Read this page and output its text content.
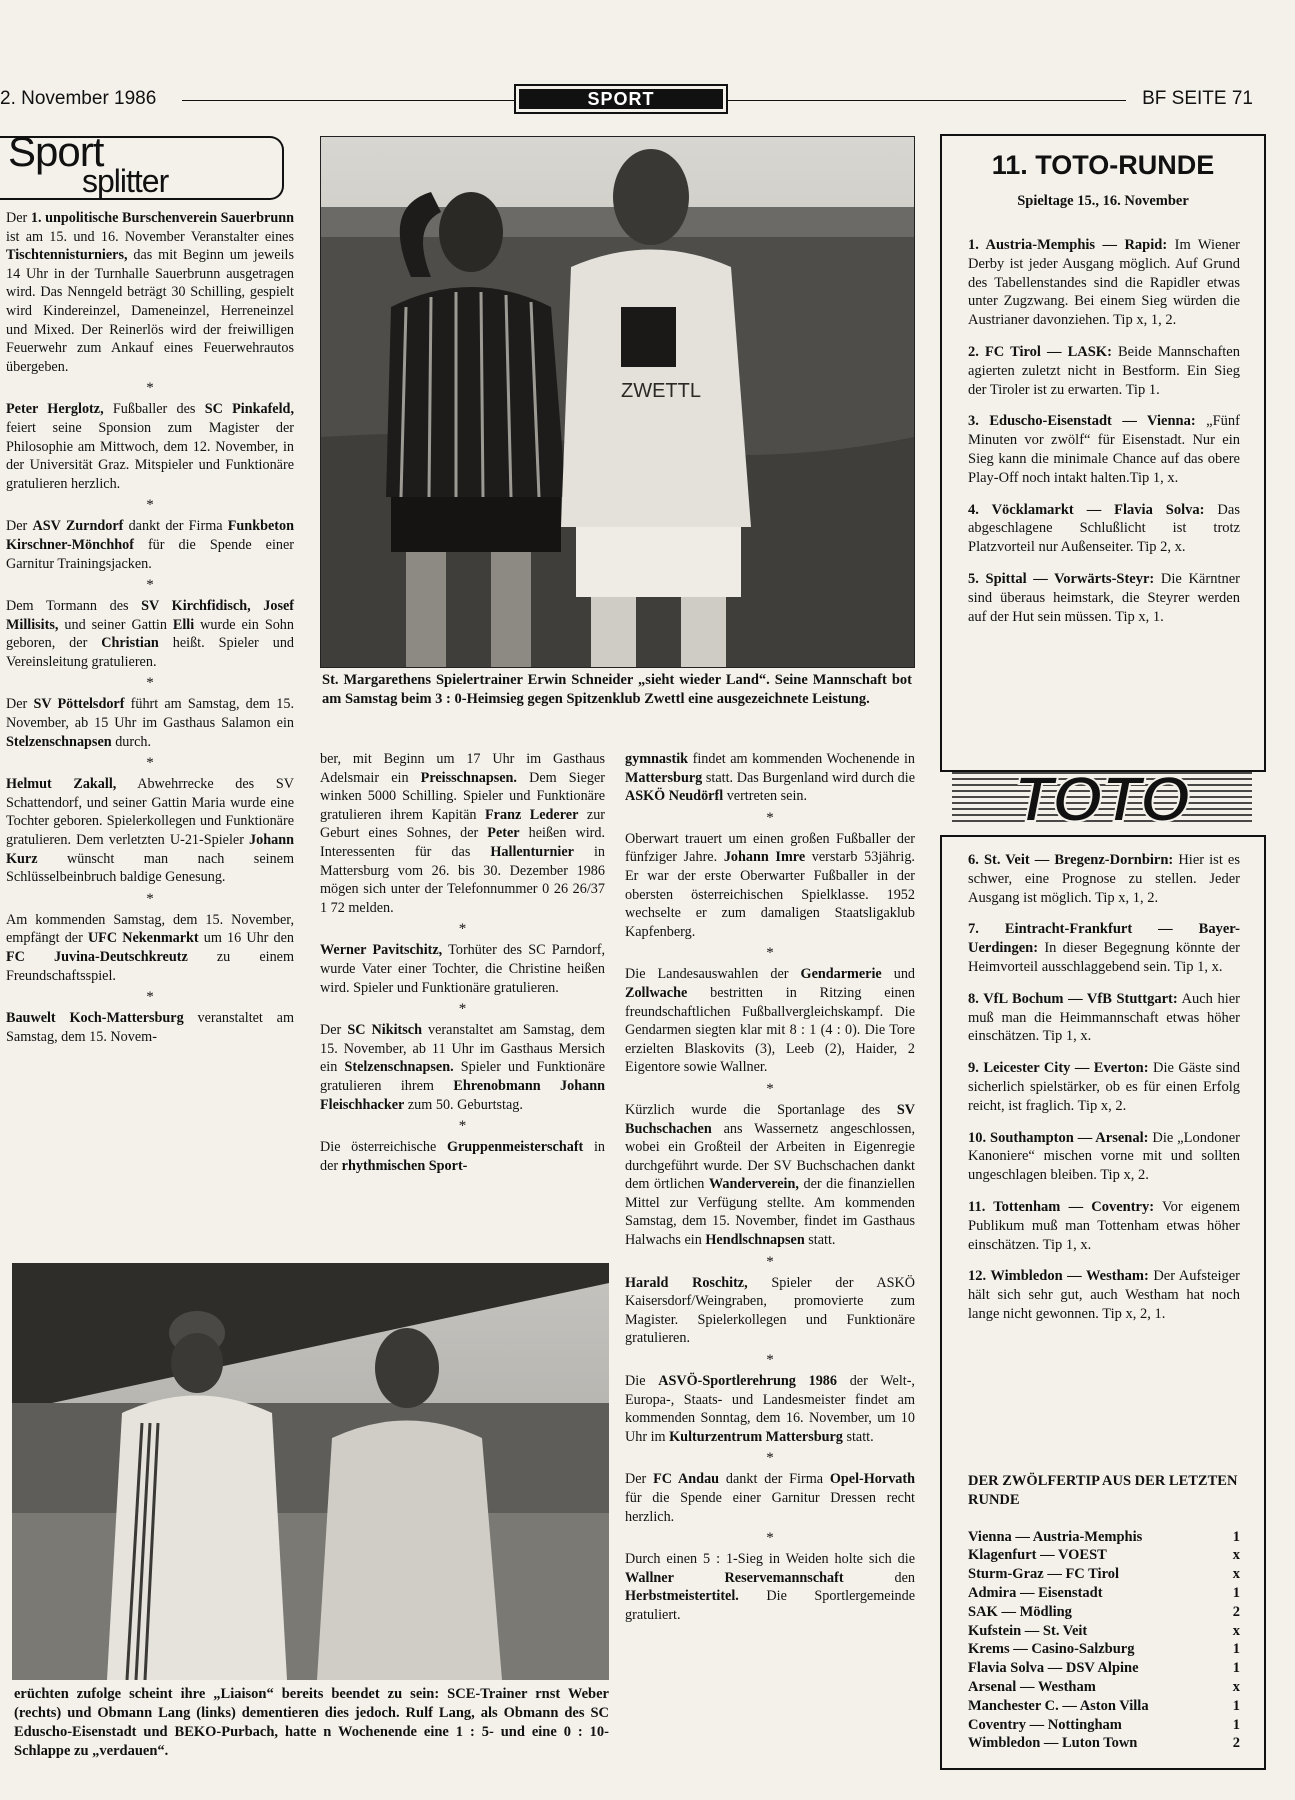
2. November 1986	SPORT	BF SEITE 71
Sport
splitter
Der 1. unpolitische Burschenverein Sauerbrunn ist am 15. und 16. November Veranstalter eines Tischtennisturniers, das mit Beginn um jeweils 14 Uhr in der Turnhalle Sauerbrunn ausgetragen wird. Das Nenngeld beträgt 30 Schilling, gespielt wird Kindereinzel, Dameneinzel, Herreneinzel und Mixed. Der Reinerlös wird der freiwilligen Feuerwehr zum Ankauf eines Feuerwehrautos übergeben.
*
Peter Herglotz, Fußballer des SC Pinkafeld, feiert seine Sponsion zum Magister der Philosophie am Mittwoch, dem 12. November, in der Universität Graz. Mitspieler und Funktionäre gratulieren herzlich.
*
Der ASV Zurndorf dankt der Firma Funkbeton Kirschner-Mönchhof für die Spende einer Garnitur Trainingsjacken.
*
Dem Tormann des SV Kirchfidisch, Josef Millisits, und seiner Gattin Elli wurde ein Sohn geboren, der Christian heißt. Spieler und Vereinsleitung gratulieren.
*
Der SV Pöttelsdorf führt am Samstag, dem 15. November, ab 15 Uhr im Gasthaus Salamon ein Stelzenschnapsen durch.
*
Helmut Zakall, Abwehrrecke des SV Schattendorf, und seiner Gattin Maria wurde eine Tochter geboren. Spielerkollegen und Funktionäre gratulieren. Dem verletzten U-21-Spieler Johann Kurz wünscht man nach seinem Schlüsselbeinbruch baldige Genesung.
*
Am kommenden Samstag, dem 15. November, empfängt der UFC Nekenmarkt um 16 Uhr den FC Juvina-Deutschkreutz zu einem Freundschaftsspiel.
*
Bauwelt Koch-Mattersburg veranstaltet am Samstag, dem 15. Novem-
ZWETTL
St. Margarethens Spielertrainer Erwin Schneider „sieht wieder Land“. Seine Mannschaft bot am Samstag beim 3 : 0-Heimsieg gegen Spitzenklub Zwettl eine ausgezeichnete Leistung.
ber, mit Beginn um 17 Uhr im Gasthaus Adelsmair ein Preisschnapsen. Dem Sieger winken 5000 Schilling. Spieler und Funktionäre gratulieren ihrem Kapitän Franz Lederer zur Geburt eines Sohnes, der Peter heißen wird. Interessenten für das Hallenturnier in Mattersburg vom 26. bis 30. Dezember 1986 mögen sich unter der Telefonnummer 0 26 26/37 1 72 melden.
*
Werner Pavitschitz, Torhüter des SC Parndorf, wurde Vater einer Tochter, die Christine heißen wird. Spieler und Funktionäre gratulieren.
*
Der SC Nikitsch veranstaltet am Samstag, dem 15. November, ab 11 Uhr im Gasthaus Mersich ein Stelzenschnapsen. Spieler und Funktionäre gratulieren ihrem Ehrenobmann Johann Fleischhacker zum 50. Geburtstag.
*
Die österreichische Gruppenmeisterschaft in der rhythmischen Sport-
gymnastik findet am kommenden Wochenende in Mattersburg statt. Das Burgenland wird durch die ASKÖ Neudörfl vertreten sein.
*
Oberwart trauert um einen großen Fußballer der fünfziger Jahre. Johann Imre verstarb 53jährig. Er war der erste Oberwarter Fußballer in der obersten österreichischen Spielklasse. 1952 wechselte er zum damaligen Staatsligaklub Kapfenberg.
*
Die Landesauswahlen der Gendarmerie und Zollwache bestritten in Ritzing einen freundschaftlichen Fußballvergleichskampf. Die Gendarmen siegten klar mit 8 : 1 (4 : 0). Die Tore erzielten Blaskovits (3), Leeb (2), Haider, 2 Eigentore sowie Wallner.
*
Kürzlich wurde die Sportanlage des SV Buchschachen ans Wassernetz angeschlossen, wobei ein Großteil der Arbeiten in Eigenregie durchgeführt wurde. Der SV Buchschachen dankt dem örtlichen Wanderverein, der die finanziellen Mittel zur Verfügung stellte. Am kommenden Samstag, dem 15. November, findet im Gasthaus Halwachs ein Hendlschnapsen statt.
*
Harald Roschitz, Spieler der ASKÖ Kaisersdorf/Weingraben, promovierte zum Magister. Spielerkollegen und Funktionäre gratulieren.
*
Die ASVÖ-Sportlerehrung 1986 der Welt-, Europa-, Staats- und Landesmeister findet am kommenden Sonntag, dem 16. November, um 10 Uhr im Kulturzentrum Mattersburg statt.
*
Der FC Andau dankt der Firma Opel-Horvath für die Spende einer Garnitur Dressen recht herzlich.
*
Durch einen 5 : 1-Sieg in Weiden holte sich die Wallner Reservemannschaft den Herbstmeistertitel. Die Sportlergemeinde gratuliert.
erüchten zufolge scheint ihre „Liaison“ bereits beendet zu sein: SCE-Trainer rnst Weber (rechts) und Obmann Lang (links) dementieren dies jedoch. Rulf Lang, als Obmann des SC Eduscho-Eisenstadt und BEKO-Purbach, hatte n Wochenende eine 1 : 5- und eine 0 : 10-Schlappe zu „verdauen“.
11. TOTO-RUNDE
Spieltage 15., 16. November

1. Austria-Memphis — Rapid: Im Wiener Derby ist jeder Ausgang möglich. Auf Grund des Tabellenstandes sind die Rapidler etwas unter Zugzwang. Bei einem Sieg würden die Austrianer davonziehen. Tip x, 1, 2.

2. FC Tirol — LASK: Beide Mannschaften agierten zuletzt nicht in Bestform. Ein Sieg der Tiroler ist zu erwarten. Tip 1.

3. Eduscho-Eisenstadt — Vienna: „Fünf Minuten vor zwölf“ für Eisenstadt. Nur ein Sieg kann die minimale Chance auf das obere Play-Off noch intakt halten.Tip 1, x.

4. Vöcklamarkt — Flavia Solva: Das abgeschlagene Schlußlicht ist trotz Platzvorteil nur Außenseiter. Tip 2, x.

5. Spittal — Vorwärts-Steyr: Die Kärntner sind überaus heimstark, die Steyrer werden auf der Hut sein müssen. Tip x, 1.

TOTO

6. St. Veit — Bregenz-Dornbirn: Hier ist es schwer, eine Prognose zu stellen. Jeder Ausgang ist möglich. Tip x, 1, 2.

7. Eintracht-Frankfurt — Bayer-Uerdingen: In dieser Begegnung könnte der Heimvorteil ausschlaggebend sein. Tip 1, x.

8. VfL Bochum — VfB Stuttgart: Auch hier muß man die Heimmannschaft etwas höher einschätzen. Tip 1, x.

9. Leicester City — Everton: Die Gäste sind sicherlich spielstärker, ob es für einen Erfolg reicht, ist fraglich. Tip x, 2.

10. Southampton — Arsenal: Die „Londoner Kanoniere“ mischen vorne mit und sollten ungeschlagen bleiben. Tip x, 2.

11. Tottenham — Coventry: Vor eigenem Publikum muß man Tottenham etwas höher einschätzen. Tip 1, x.

12. Wimbledon — Westham: Der Aufsteiger hält sich sehr gut, auch Westham hat noch lange nicht gewonnen. Tip x, 2, 1.

DER ZWÖLFERTIP AUS DER LETZTEN RUNDE
Vienna — Austria-Memphis	1
Klagenfurt — VOEST	x
Sturm-Graz — FC Tirol	x
Admira — Eisenstadt	1
SAK — Mödling	2
Kufstein — St. Veit	x
Krems — Casino-Salzburg	1
Flavia Solva — DSV Alpine	1
Arsenal — Westham	x
Manchester C. — Aston Villa	1
Coventry — Nottingham	1
Wimbledon — Luton Town	2
